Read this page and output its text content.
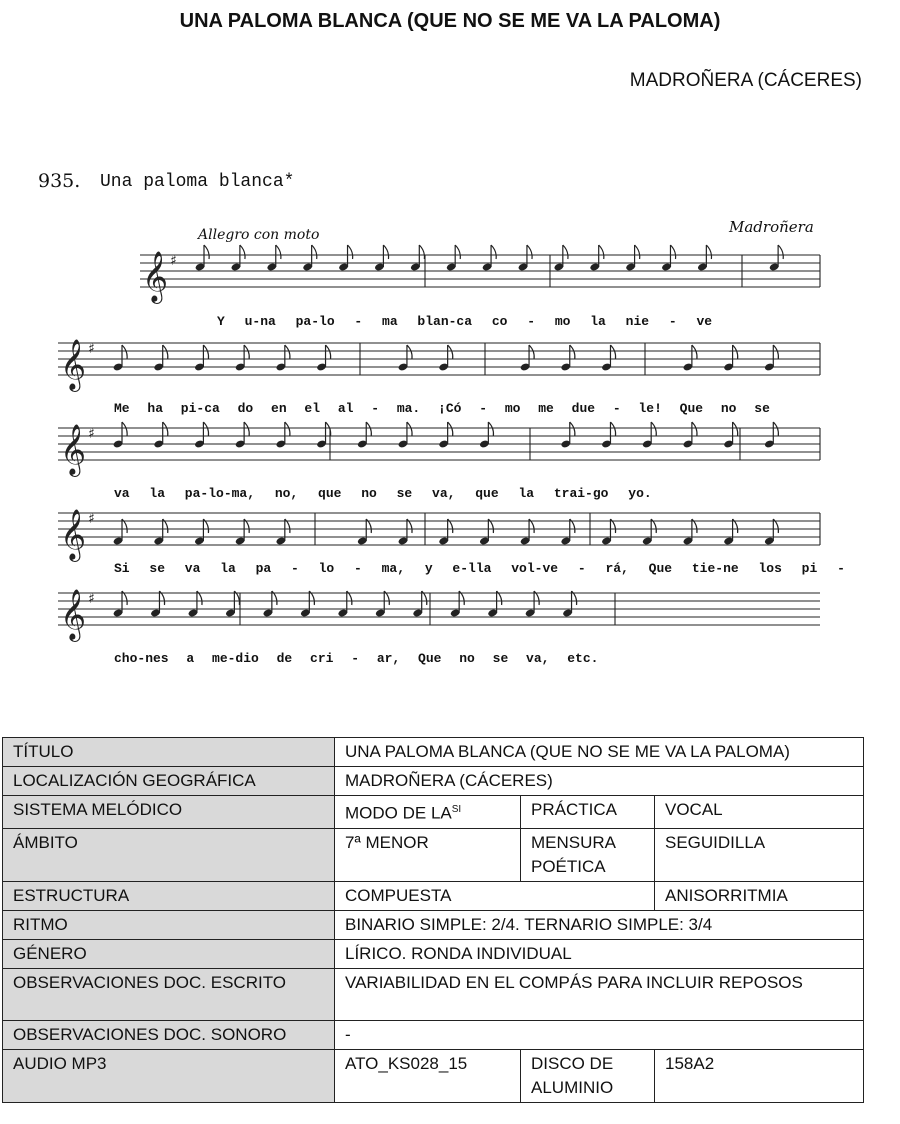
UNA PALOMA BLANCA (QUE NO SE ME VA LA PALOMA)
MADROÑERA (CÁCERES)
𝄞 ♯
𝄞 ♯
𝄞 ♯
𝄞 ♯
𝄞 ♯
935. Una paloma blanca*
Allegro con moto	Madroñera
Y u-na pa-lo - ma blan-ca co - mo la nie - ve
Me ha pi-ca do en el al - ma. ¡Có - mo me due - le! Que no se
va la pa-lo-ma, no, que no se va, que la trai-go yo.
Si se va la pa - lo - ma, y e-lla vol-ve - rá, Que tie-ne los pi -
cho-nes a me-dio de cri - ar, Que no se va, etc.
TÍTULO	UNA PALOMA BLANCA (QUE NO SE ME VA LA PALOMA)		
LOCALIZACIÓN GEOGRÁFICA	MADROÑERA (CÁCERES)		
SISTEMA MELÓDICO	MODO DE $LA^{SI}$	PRÁCTICA	VOCAL
ÁMBITO	7ª MENOR	MENSURA POÉTICA	SEGUIDILLA
ESTRUCTURA	COMPUESTA		ANISORRITMIA
RITMO	BINARIO SIMPLE: 2/4. TERNARIO SIMPLE: 3/4		
GÉNERO	LÍRICO. RONDA INDIVIDUAL		
OBSERVACIONES DOC. ESCRITO	VARIABILIDAD EN EL COMPÁS PARA INCLUIR REPOSOS		
OBSERVACIONES DOC. SONORO	-		
AUDIO MP3	ATO_KS028_15	DISCO DE ALUMINIO	158A2
